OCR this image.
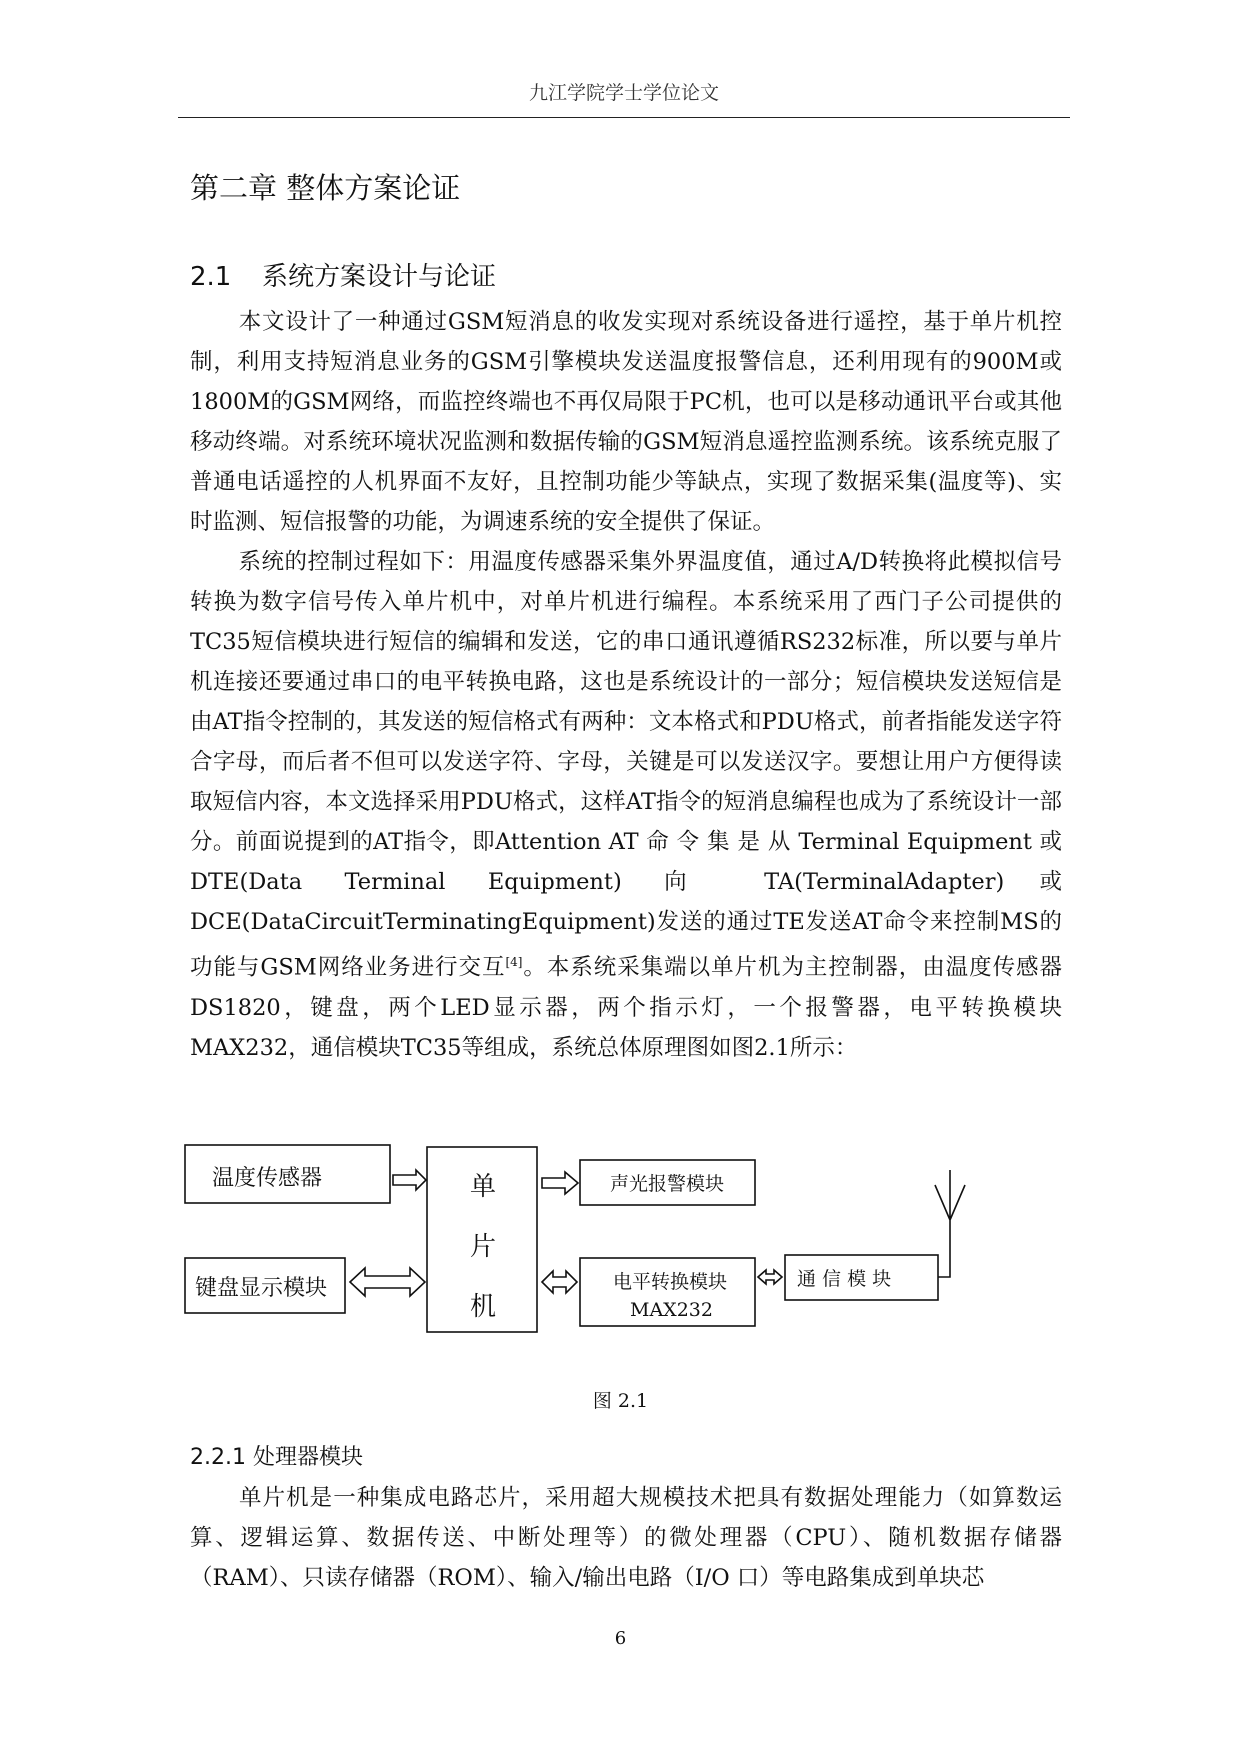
九江学院学士学位论文
第二章 整体方案论证
2.1 系统方案设计与论证

本文设计了一种通过GSM短消息的收发实现对系统设备进行遥控，基于单片机控制，利用支持短消息业务的GSM引擎模块发送温度报警信息，还利用现有的900M或1800M的GSM网络，而监控终端也不再仅局限于PC机，也可以是移动通讯平台或其他移动终端。对系统环境状况监测和数据传输的GSM短消息遥控监测系统。该系统克服了普通电话遥控的人机界面不友好，且控制功能少等缺点，实现了数据采集(温度等)、实时监测、短信报警的功能，为调速系统的安全提供了保证。

系统的控制过程如下：用温度传感器采集外界温度值，通过A/D转换将此模拟信号转换为数字信号传入单片机中，对单片机进行编程。本系统采用了西门子公司提供的TC35短信模块进行短信的编辑和发送，它的串口通讯遵循RS232标准，所以要与单片机连接还要通过串口的电平转换电路，这也是系统设计的一部分；短信模块发送短信是由AT指令控制的，其发送的短信格式有两种：文本格式和PDU格式，前者指能发送字符合字母，而后者不但可以发送字符、字母，关键是可以发送汉字。要想让用户方便得读取短信内容，本文选择采用PDU格式，这样AT指令的短消息编程也成为了系统设计一部分。前面说提到的AT指令，即Attention AT 命 令 集 是 从 Terminal Equipment 或 DTE(Data Terminal Equipment) 向 TA(TerminalAdapter)或DCE(DataCircuitTerminatingEquipment)发送的通过TE发送AT命令来控制MS的功能与GSM网络业务进行交互[4]。本系统采集端以单片机为主控制器，由温度传感器DS1820，键盘，两个LED显示器，两个指示灯，一个报警器，电平转换模块MAX232，通信模块TC35等组成，系统总体原理图如图2.1所示：

温度传感器
键盘显示模块
单
片
机
声光报警模块
电平转换模块
MAX232
通 信 模 块
图 2.1
2.2.1 处理器模块

单片机是一种集成电路芯片，采用超大规模技术把具有数据处理能力（如算数运算、逻辑运算、数据传送、中断处理等）的微处理器（CPU）、随机数据存储器（RAM）、只读存储器（ROM）、输入/输出电路（I/O 口）等电路集成到单块芯

6
